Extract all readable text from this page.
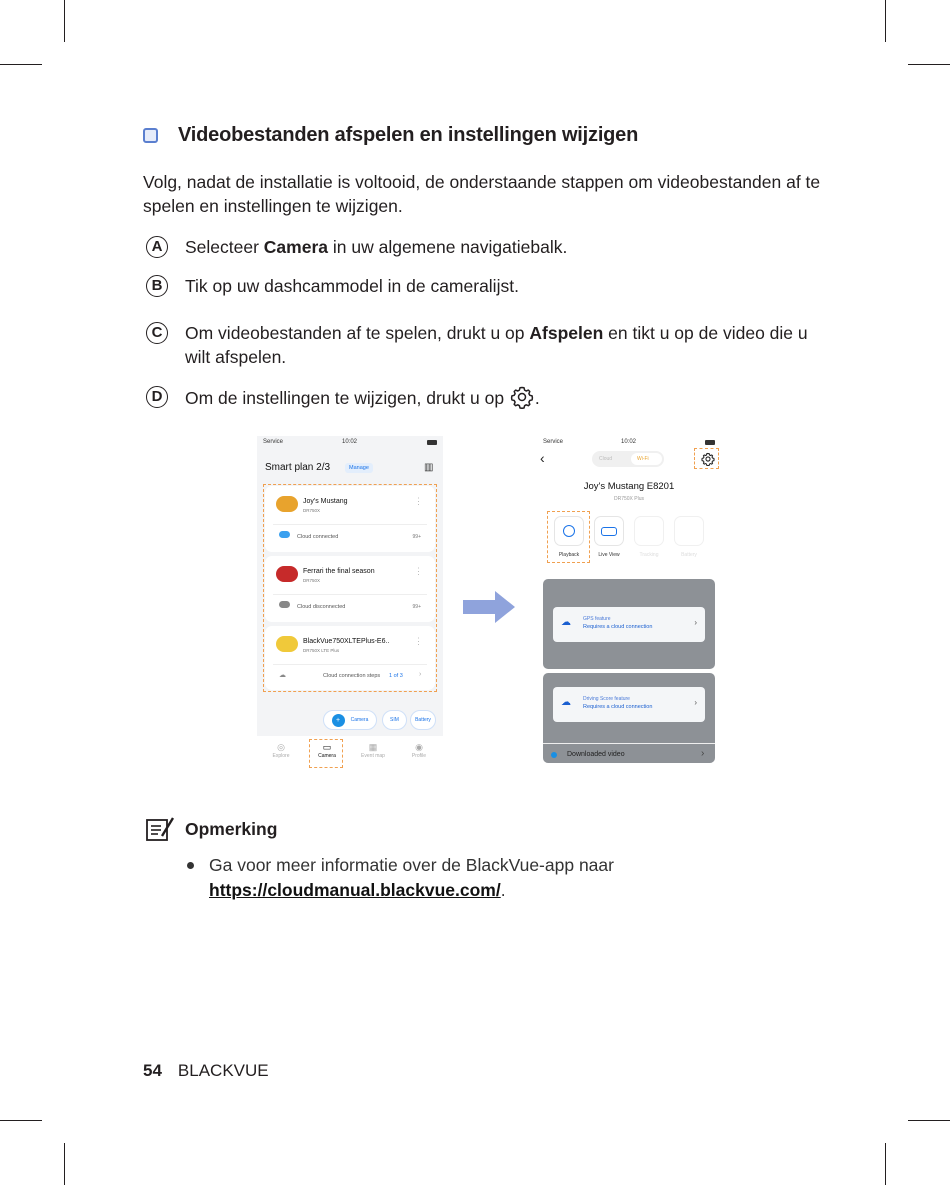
Videobestanden afspelen en instellingen wijzigen
Volg, nadat de installatie is voltooid, de onderstaande stappen om videobestanden af te spelen en instellingen te wijzigen.
A	Selecteer Camera in uw algemene navigatiebalk.
B	Tik op uw dashcammodel in de cameralijst.
C	Om videobestanden af te spelen, drukt u op Afspelen en tikt u op de video die u wilt afspelen.
D	Om de instellingen te wijzigen, drukt u op .
Service	10:02
Smart plan 2/3	Manage	▥
Joy's Mustang
DR750X
⋮
Cloud connected	99+
Ferrari the final season
DR750X
⋮
Cloud disconnected	99+
BlackVue750XLTEPlus-E6..
DR750X LTE Plus
⋮
☁	Cloud connection steps 1 of 3 ›
+	Camera	SIM	Battery
◎
Explore
▭
Camera
▦
Event map
◉
Profile
Service	10:02
‹	Cloud	Wi-Fi
Joy's Mustang E8201
DR750X Plus
Playback	Live View	Tracking	Battery
☁ GPS feature
Requires a cloud connection	›
☁ Driving Score feature
Requires a cloud connection	›
Downloaded video	›
Opmerking
Ga voor meer informatie over de BlackVue-app naar
https://cloudmanual.blackvue.com/.
54 BLACKVUE
